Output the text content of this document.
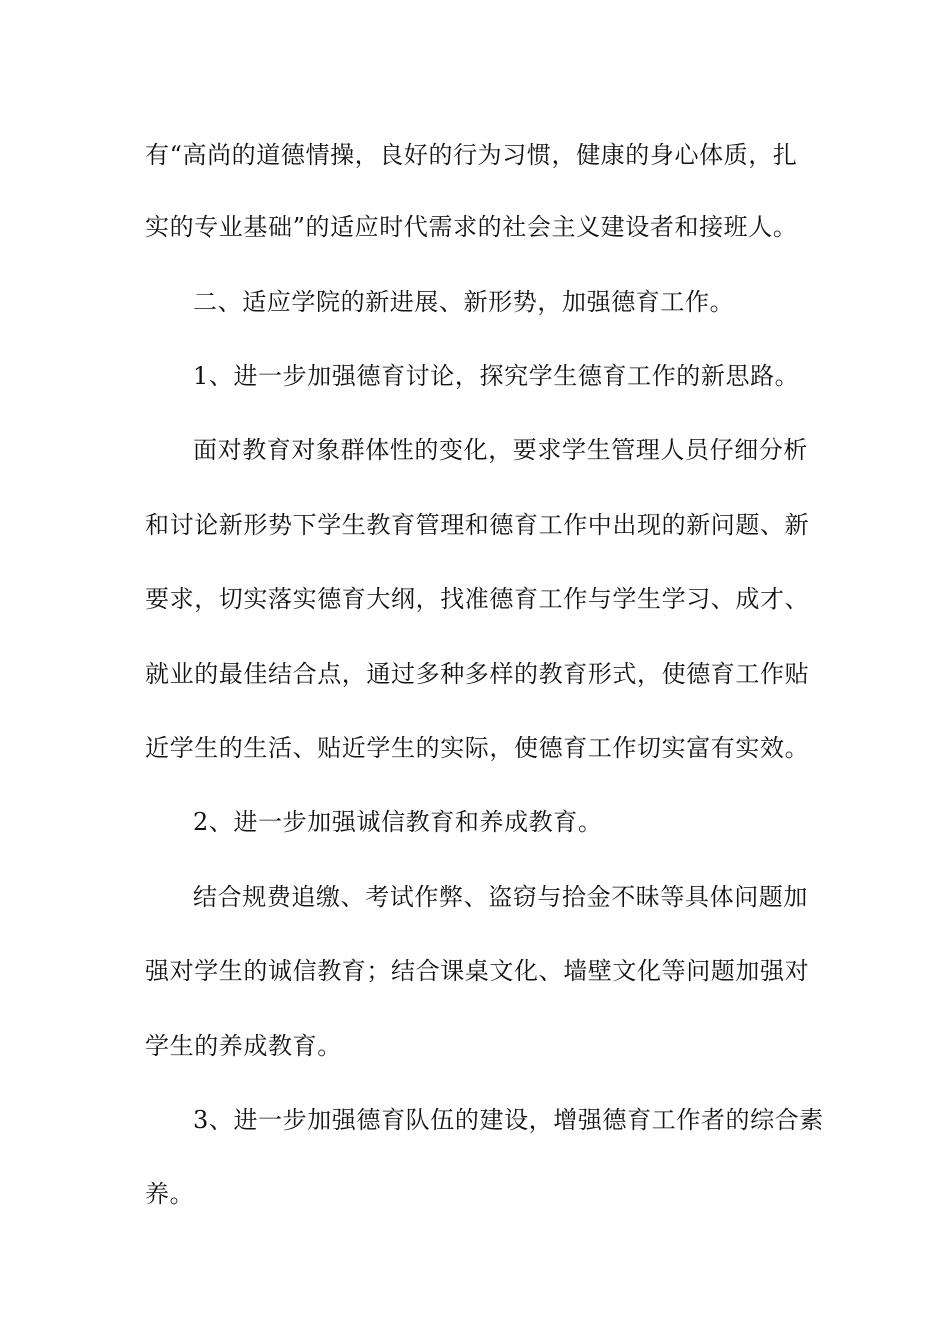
有“高尚的道德情操，良好的行为习惯，健康的身心体质，扎
实的专业基础”的适应时代需求的社会主义建设者和接班人。
二、适应学院的新进展、新形势，加强德育工作。
1、进一步加强德育讨论，探究学生德育工作的新思路。
面对教育对象群体性的变化，要求学生管理人员仔细分析
和讨论新形势下学生教育管理和德育工作中出现的新问题、新
要求，切实落实德育大纲，找准德育工作与学生学习、成才、
就业的最佳结合点，通过多种多样的教育形式，使德育工作贴
近学生的生活、贴近学生的实际，使德育工作切实富有实效。
2、进一步加强诚信教育和养成教育。
结合规费追缴、考试作弊、盗窃与拾金不昧等具体问题加
强对学生的诚信教育；结合课桌文化、墙壁文化等问题加强对
学生的养成教育。
3、进一步加强德育队伍的建设，增强德育工作者的综合素
养。
